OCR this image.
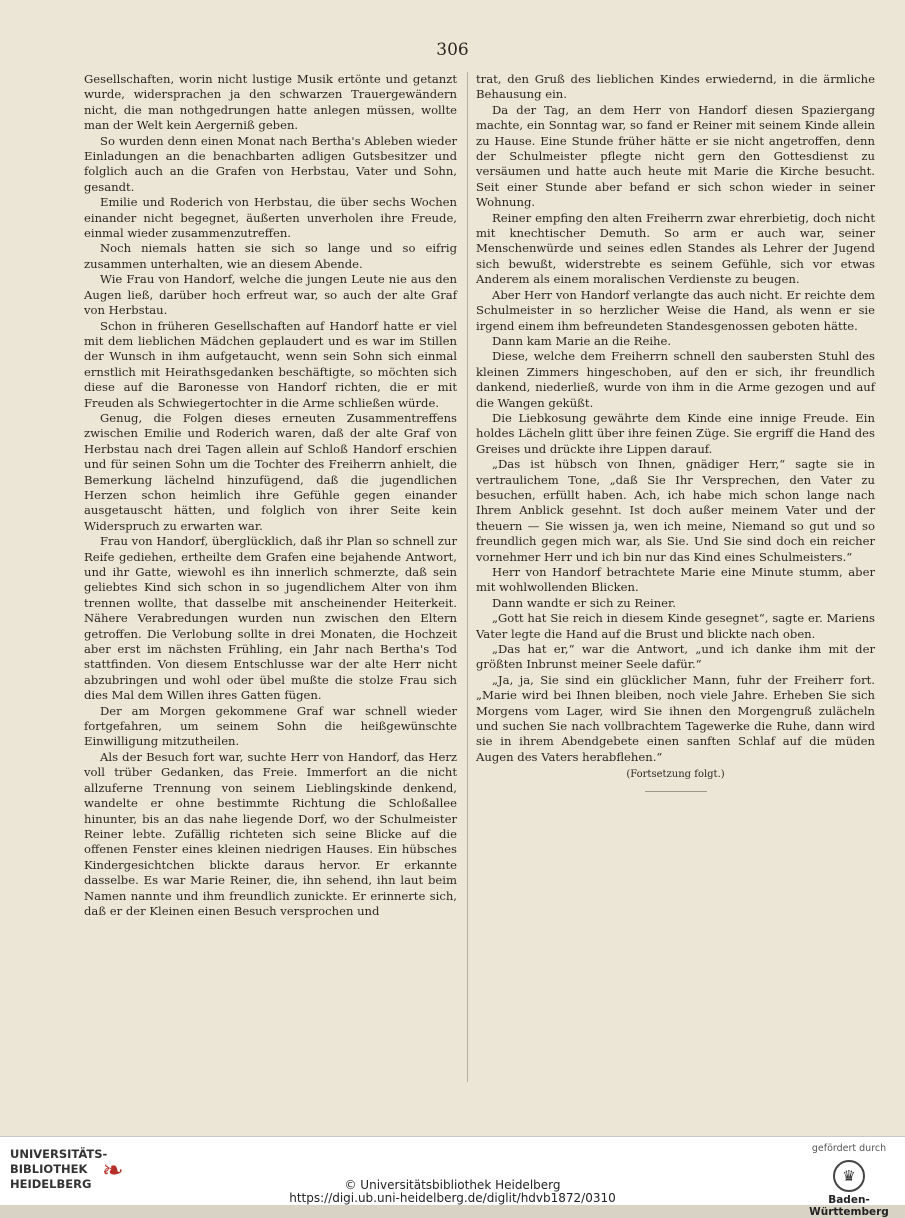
306

Gesellschaften, worin nicht lustige Musik ertönte und getanzt wurde, widersprachen ja den schwarzen Trauergewändern nicht, die man nothgedrungen hatte anlegen müssen, wollte man der Welt kein Aergerniß geben.

So wurden denn einen Monat nach Bertha's Ableben wieder Einladungen an die benachbarten adligen Gutsbesitzer und folglich auch an die Grafen von Herbstau, Vater und Sohn, gesandt.

Emilie und Roderich von Herbstau, die über sechs Wochen einander nicht begegnet, äußerten unverholen ihre Freude, einmal wieder zusammenzutreffen.

Noch niemals hatten sie sich so lange und so eifrig zusammen unterhalten, wie an diesem Abende.

Wie Frau von Handorf, welche die jungen Leute nie aus den Augen ließ, darüber hoch erfreut war, so auch der alte Graf von Herbstau.

Schon in früheren Gesellschaften auf Handorf hatte er viel mit dem lieblichen Mädchen geplaudert und es war im Stillen der Wunsch in ihm aufgetaucht, wenn sein Sohn sich einmal ernstlich mit Heirathsgedanken beschäftigte, so möchten sich diese auf die Baronesse von Handorf richten, die er mit Freuden als Schwiegertochter in die Arme schließen würde.

Genug, die Folgen dieses erneuten Zusammentreffens zwischen Emilie und Roderich waren, daß der alte Graf von Herbstau nach drei Tagen allein auf Schloß Handorf erschien und für seinen Sohn um die Tochter des Freiherrn anhielt, die Bemerkung lächelnd hinzufügend, daß die jugendlichen Herzen schon heimlich ihre Gefühle gegen einander ausgetauscht hätten, und folglich von ihrer Seite kein Widerspruch zu erwarten war.

Frau von Handorf, überglücklich, daß ihr Plan so schnell zur Reife gediehen, ertheilte dem Grafen eine bejahende Antwort, und ihr Gatte, wiewohl es ihn innerlich schmerzte, daß sein geliebtes Kind sich schon in so jugendlichem Alter von ihm trennen wollte, that dasselbe mit anscheinender Heiterkeit. Nähere Verabredungen wurden nun zwischen den Eltern getroffen. Die Verlobung sollte in drei Monaten, die Hochzeit aber erst im nächsten Frühling, ein Jahr nach Bertha's Tod stattfinden. Von diesem Entschlusse war der alte Herr nicht abzubringen und wohl oder übel mußte die stolze Frau sich dies Mal dem Willen ihres Gatten fügen.

Der am Morgen gekommene Graf war schnell wieder fortgefahren, um seinem Sohn die heißgewünschte Einwilligung mitzutheilen.

Als der Besuch fort war, suchte Herr von Handorf, das Herz voll trüber Gedanken, das Freie. Immerfort an die nicht allzuferne Trennung von seinem Lieblingskinde denkend, wandelte er ohne bestimmte Richtung die Schloßallee hinunter, bis an das nahe liegende Dorf, wo der Schulmeister Reiner lebte. Zufällig richteten sich seine Blicke auf die offenen Fenster eines kleinen niedrigen Hauses. Ein hübsches Kindergesichtchen blickte daraus hervor. Er erkannte dasselbe. Es war Marie Reiner, die, ihn sehend, ihn laut beim Namen nannte und ihm freundlich zunickte. Er erinnerte sich, daß er der Kleinen einen Besuch versprochen und

trat, den Gruß des lieblichen Kindes erwiedernd, in die ärmliche Behausung ein.

Da der Tag, an dem Herr von Handorf diesen Spaziergang machte, ein Sonntag war, so fand er Reiner mit seinem Kinde allein zu Hause. Eine Stunde früher hätte er sie nicht angetroffen, denn der Schulmeister pflegte nicht gern den Gottesdienst zu versäumen und hatte auch heute mit Marie die Kirche besucht. Seit einer Stunde aber befand er sich schon wieder in seiner Wohnung.

Reiner empfing den alten Freiherrn zwar ehrerbietig, doch nicht mit knechtischer Demuth. So arm er auch war, seiner Menschenwürde und seines edlen Standes als Lehrer der Jugend sich bewußt, widerstrebte es seinem Gefühle, sich vor etwas Anderem als einem moralischen Verdienste zu beugen.

Aber Herr von Handorf verlangte das auch nicht. Er reichte dem Schulmeister in so herzlicher Weise die Hand, als wenn er sie irgend einem ihm befreundeten Standesgenossen geboten hätte.

Dann kam Marie an die Reihe.

Diese, welche dem Freiherrn schnell den saubersten Stuhl des kleinen Zimmers hingeschoben, auf den er sich, ihr freundlich dankend, niederließ, wurde von ihm in die Arme gezogen und auf die Wangen geküßt.

Die Liebkosung gewährte dem Kinde eine innige Freude. Ein holdes Lächeln glitt über ihre feinen Züge. Sie ergriff die Hand des Greises und drückte ihre Lippen darauf.

„Das ist hübsch von Ihnen, gnädiger Herr,“ sagte sie in vertraulichem Tone, „daß Sie Ihr Versprechen, den Vater zu besuchen, erfüllt haben. Ach, ich habe mich schon lange nach Ihrem Anblick gesehnt. Ist doch außer meinem Vater und der theuern — Sie wissen ja, wen ich meine, Niemand so gut und so freundlich gegen mich war, als Sie. Und Sie sind doch ein reicher vornehmer Herr und ich bin nur das Kind eines Schulmeisters.“

Herr von Handorf betrachtete Marie eine Minute stumm, aber mit wohlwollenden Blicken.

Dann wandte er sich zu Reiner.

„Gott hat Sie reich in diesem Kinde gesegnet“, sagte er. Mariens Vater legte die Hand auf die Brust und blickte nach oben.

„Das hat er,“ war die Antwort, „und ich danke ihm mit der größten Inbrunst meiner Seele dafür.“

„Ja, ja, Sie sind ein glücklicher Mann, fuhr der Freiherr fort. „Marie wird bei Ihnen bleiben, noch viele Jahre. Erheben Sie sich Morgens vom Lager, wird Sie ihnen den Morgengruß zulächeln und suchen Sie nach vollbrachtem Tagewerke die Ruhe, dann wird sie in ihrem Abendgebete einen sanften Schlaf auf die müden Augen des Vaters herabflehen.“

(Fortsetzung folgt.)

UNIVERSITÄTS-
BIBLIOTHEK
HEIDELBERG ❧	© Universitätsbibliothek Heidelberg
https://digi.ub.uni-heidelberg.de/diglit/hdvb1872/0310
gefördert durch
♛
Baden-Württemberg
